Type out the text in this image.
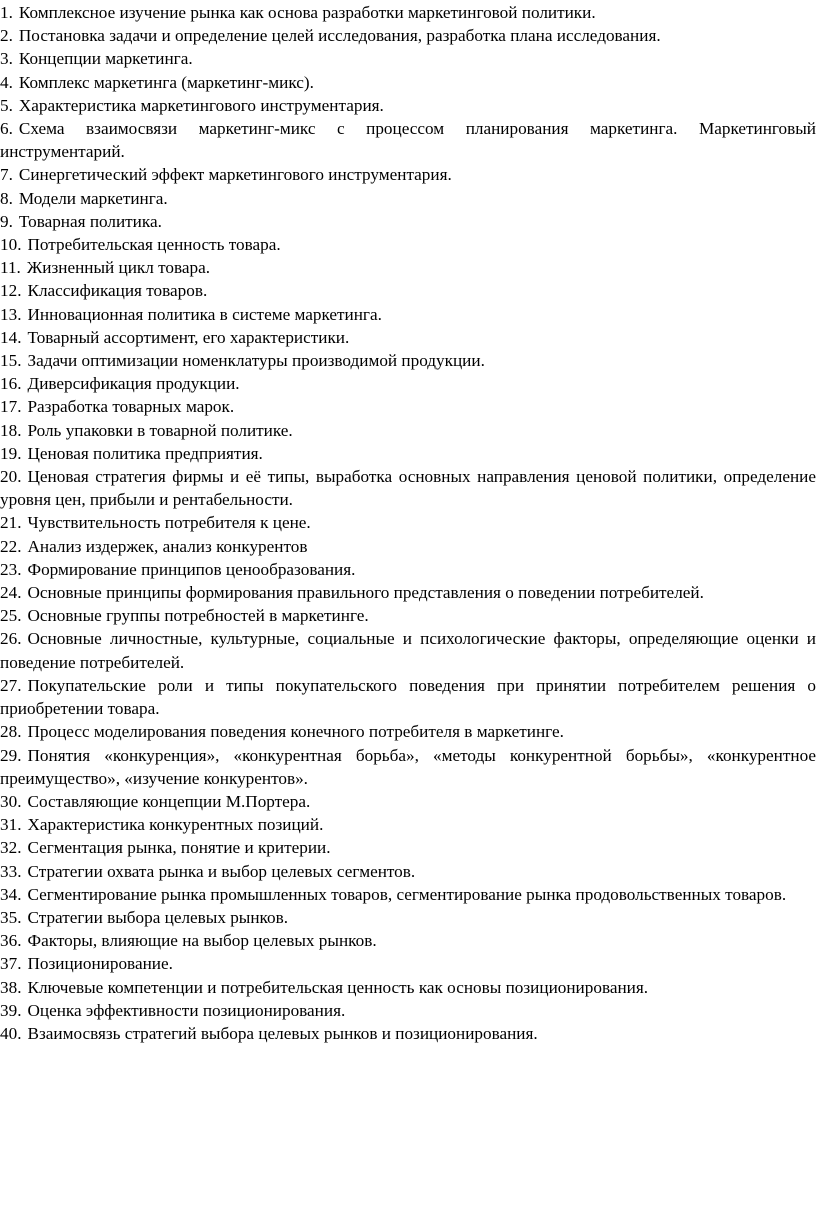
1. Комплексное изучение рынка как основа разработки маркетинговой политики.
2. Постановка задачи и определение целей исследования, разработка плана исследования.
3. Концепции маркетинга.
4. Комплекс маркетинга (маркетинг-микс).
5. Характеристика маркетингового инструментария.
6. Схема взаимосвязи маркетинг-микс с процессом планирования маркетинга. Маркетинговый инструментарий.
7. Синергетический эффект маркетингового инструментария.
8. Модели маркетинга.
9. Товарная политика.
10. Потребительская ценность товара.
11. Жизненный цикл товара.
12. Классификация товаров.
13. Инновационная политика в системе маркетинга.
14. Товарный ассортимент, его характеристики.
15. Задачи оптимизации номенклатуры производимой продукции.
16. Диверсификация продукции.
17. Разработка товарных марок.
18. Роль упаковки в товарной политике.
19. Ценовая политика предприятия.
20. Ценовая стратегия фирмы и её типы, выработка основных направления ценовой политики, определение уровня цен, прибыли и рентабельности.
21. Чувствительность потребителя к цене.
22. Анализ издержек, анализ конкурентов
23. Формирование принципов ценообразования.
24. Основные принципы формирования правильного представления о поведении потребителей.
25. Основные группы потребностей в маркетинге.
26. Основные личностные, культурные, социальные и психологические факторы, определяющие оценки и поведение потребителей.
27. Покупательские роли и типы покупательского поведения при принятии потребителем решения о приобретении товара.
28. Процесс моделирования поведения конечного потребителя в маркетинге.
29. Понятия «конкуренция», «конкурентная борьба», «методы конкурентной борьбы», «конкурентное преимущество», «изучение конкурентов».
30. Составляющие концепции М.Портера.
31. Характеристика конкурентных позиций.
32. Сегментация рынка, понятие и критерии.
33. Стратегии охвата рынка и выбор целевых сегментов.
34. Сегментирование рынка промышленных товаров, сегментирование рынка продовольственных товаров.
35. Стратегии выбора целевых рынков.
36. Факторы, влияющие на выбор целевых рынков.
37. Позиционирование.
38. Ключевые компетенции и потребительская ценность как основы позиционирования.
39. Оценка эффективности позиционирования.
40. Взаимосвязь стратегий выбора целевых рынков и позиционирования.
